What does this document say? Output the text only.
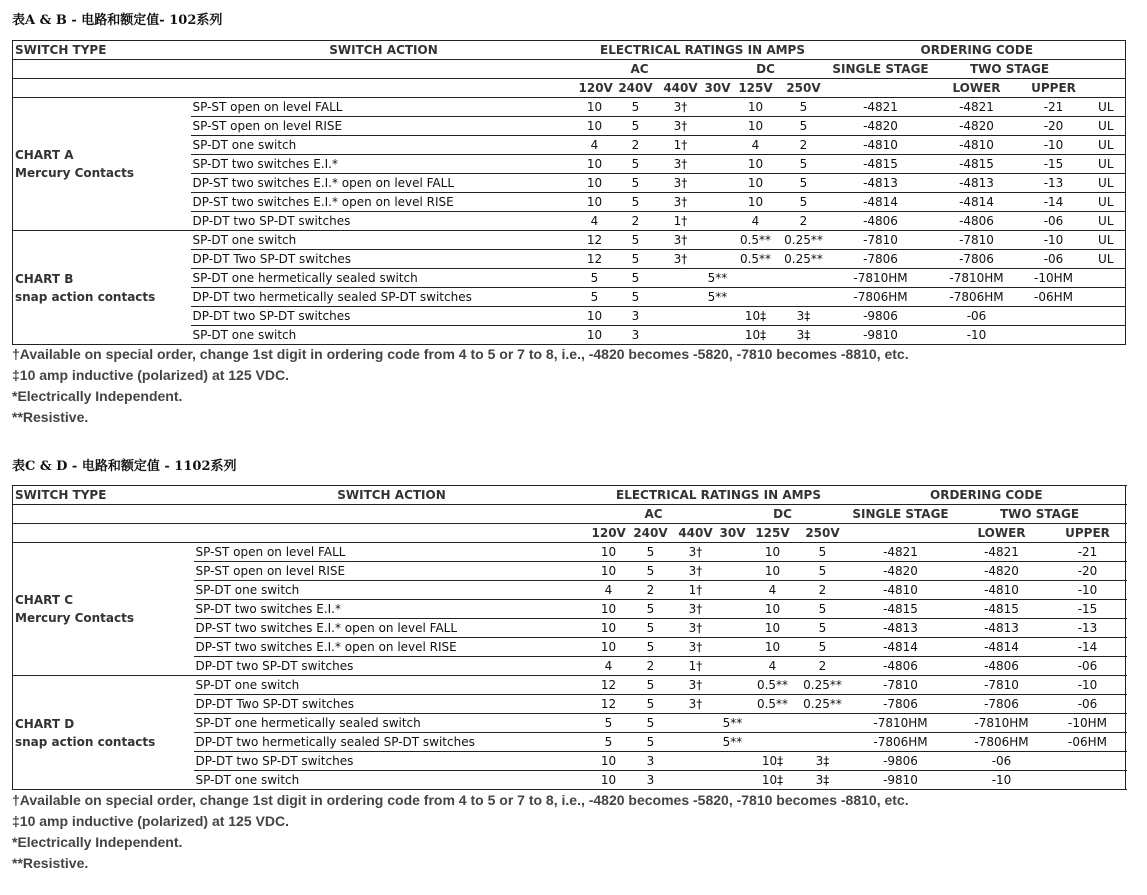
表A & B - 电路和额定值- 102系列
SWITCH TYPE	SWITCH ACTION	ELECTRICAL RATINGS IN AMPS						ORDERING CODE			
		AC			DC			SINGLE STAGE	TWO STAGE		
		120V	240V	440V	30V	125V	250V		LOWER	UPPER	

CHART A
Mercury Contacts	SP-ST open on level FALL	10	5	3†		10	5	-4821	-4821	-21	UL
	SP-ST open on level RISE	10	5	3†		10	5	-4820	-4820	-20	UL
	SP-DT one switch	4	2	1†		4	2	-4810	-4810	-10	UL
	SP-DT two switches E.I.*	10	5	3†		10	5	-4815	-4815	-15	UL
	DP-ST two switches E.I.* open on level FALL	10	5	3†		10	5	-4813	-4813	-13	UL
	DP-ST two switches E.I.* open on level RISE	10	5	3†		10	5	-4814	-4814	-14	UL
	DP-DT two SP-DT switches	4	2	1†		4	2	-4806	-4806	-06	UL

CHART B
snap action contacts	SP-DT one switch	12	5	3†		0.5**	0.25**	-7810	-7810	-10	UL
	DP-DT Two SP-DT switches	12	5	3†		0.5**	0.25**	-7806	-7806	-06	UL
	SP-DT one hermetically sealed switch	5	5		5**			-7810HM	-7810HM	-10HM	
	DP-DT two hermetically sealed SP-DT switches	5	5		5**			-7806HM	-7806HM	-06HM	
	DP-DT two SP-DT switches	10	3			10‡	3‡	-9806	-06		
	SP-DT one switch	10	3			10‡	3‡	-9810	-10		
†Available on special order, change 1st digit in ordering code from 4 to 5 or 7 to 8, i.e., -4820 becomes -5820, -7810 becomes -8810, etc.
‡10 amp inductive (polarized) at 125 VDC.
*Electrically Independent.
**Resistive.
表C & D - 电路和额定值 - 1102系列
SWITCH TYPE	SWITCH ACTION	ELECTRICAL RATINGS IN AMPS						ORDERING CODE			
		AC			DC			SINGLE STAGE	TWO STAGE		
		120V	240V	440V	30V	125V	250V		LOWER	UPPER	

CHART C
Mercury Contacts	SP-ST open on level FALL	10	5	3†		10	5	-4821	-4821	-21	
	SP-ST open on level RISE	10	5	3†		10	5	-4820	-4820	-20	
	SP-DT one switch	4	2	1†		4	2	-4810	-4810	-10	
	SP-DT two switches E.I.*	10	5	3†		10	5	-4815	-4815	-15	
	DP-ST two switches E.I.* open on level FALL	10	5	3†		10	5	-4813	-4813	-13	
	DP-ST two switches E.I.* open on level RISE	10	5	3†		10	5	-4814	-4814	-14	
	DP-DT two SP-DT switches	4	2	1†		4	2	-4806	-4806	-06	

CHART D
snap action contacts	SP-DT one switch	12	5	3†		0.5**	0.25**	-7810	-7810	-10	
	DP-DT Two SP-DT switches	12	5	3†		0.5**	0.25**	-7806	-7806	-06	
	SP-DT one hermetically sealed switch	5	5		5**			-7810HM	-7810HM	-10HM	
	DP-DT two hermetically sealed SP-DT switches	5	5		5**			-7806HM	-7806HM	-06HM	
	DP-DT two SP-DT switches	10	3			10‡	3‡	-9806	-06		
	SP-DT one switch	10	3			10‡	3‡	-9810	-10		
†Available on special order, change 1st digit in ordering code from 4 to 5 or 7 to 8, i.e., -4820 becomes -5820, -7810 becomes -8810, etc.
‡10 amp inductive (polarized) at 125 VDC.
*Electrically Independent.
**Resistive.
